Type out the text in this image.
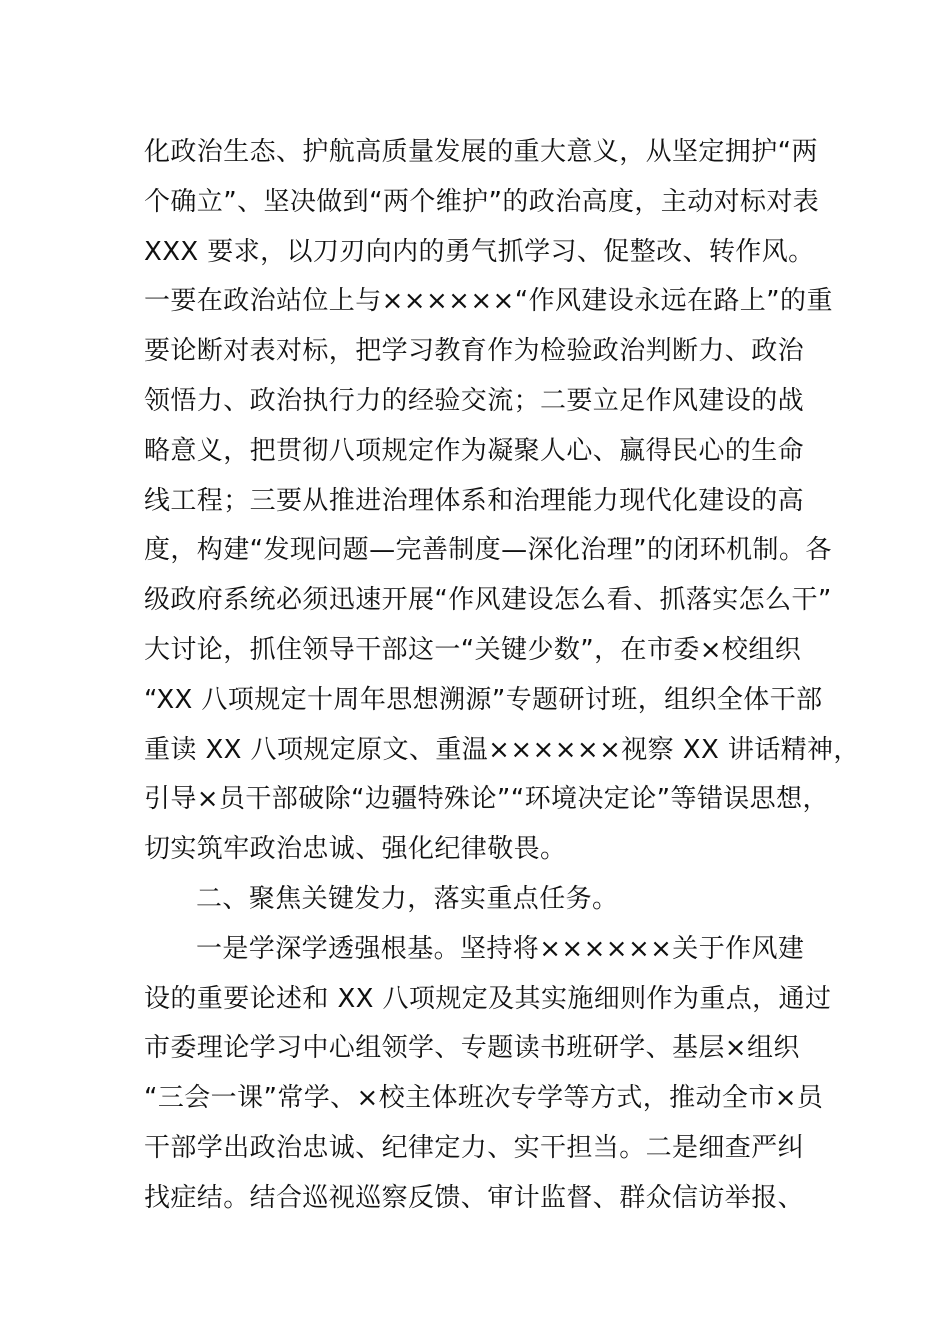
化政治生态、护航高质量发展的重大意义，从坚定拥护“两
个确立”、坚决做到“两个维护”的政治高度，主动对标对表
XXX 要求，以刀刃向内的勇气抓学习、促整改、转作风。
一要在政治站位上与××××××“作风建设永远在路上”的重
要论断对表对标，把学习教育作为检验政治判断力、政治
领悟力、政治执行力的经验交流；二要立足作风建设的战
略意义，把贯彻八项规定作为凝聚人心、赢得民心的生命
线工程；三要从推进治理体系和治理能力现代化建设的高
度，构建“发现问题—完善制度—深化治理”的闭环机制。各
级政府系统必须迅速开展“作风建设怎么看、抓落实怎么干”
大讨论，抓住领导干部这一“关键少数”，在市委×校组织
“XX 八项规定十周年思想溯源”专题研讨班，组织全体干部
重读 XX 八项规定原文、重温××××××视察 XX 讲话精神，
引导×员干部破除“边疆特殊论”“环境决定论”等错误思想，
切实筑牢政治忠诚、强化纪律敬畏。
二、聚焦关键发力，落实重点任务。
一是学深学透强根基。坚持将××××××关于作风建
设的重要论述和 XX 八项规定及其实施细则作为重点，通过
市委理论学习中心组领学、专题读书班研学、基层×组织
“三会一课”常学、×校主体班次专学等方式，推动全市×员
干部学出政治忠诚、纪律定力、实干担当。二是细查严纠
找症结。结合巡视巡察反馈、审计监督、群众信访举报、
